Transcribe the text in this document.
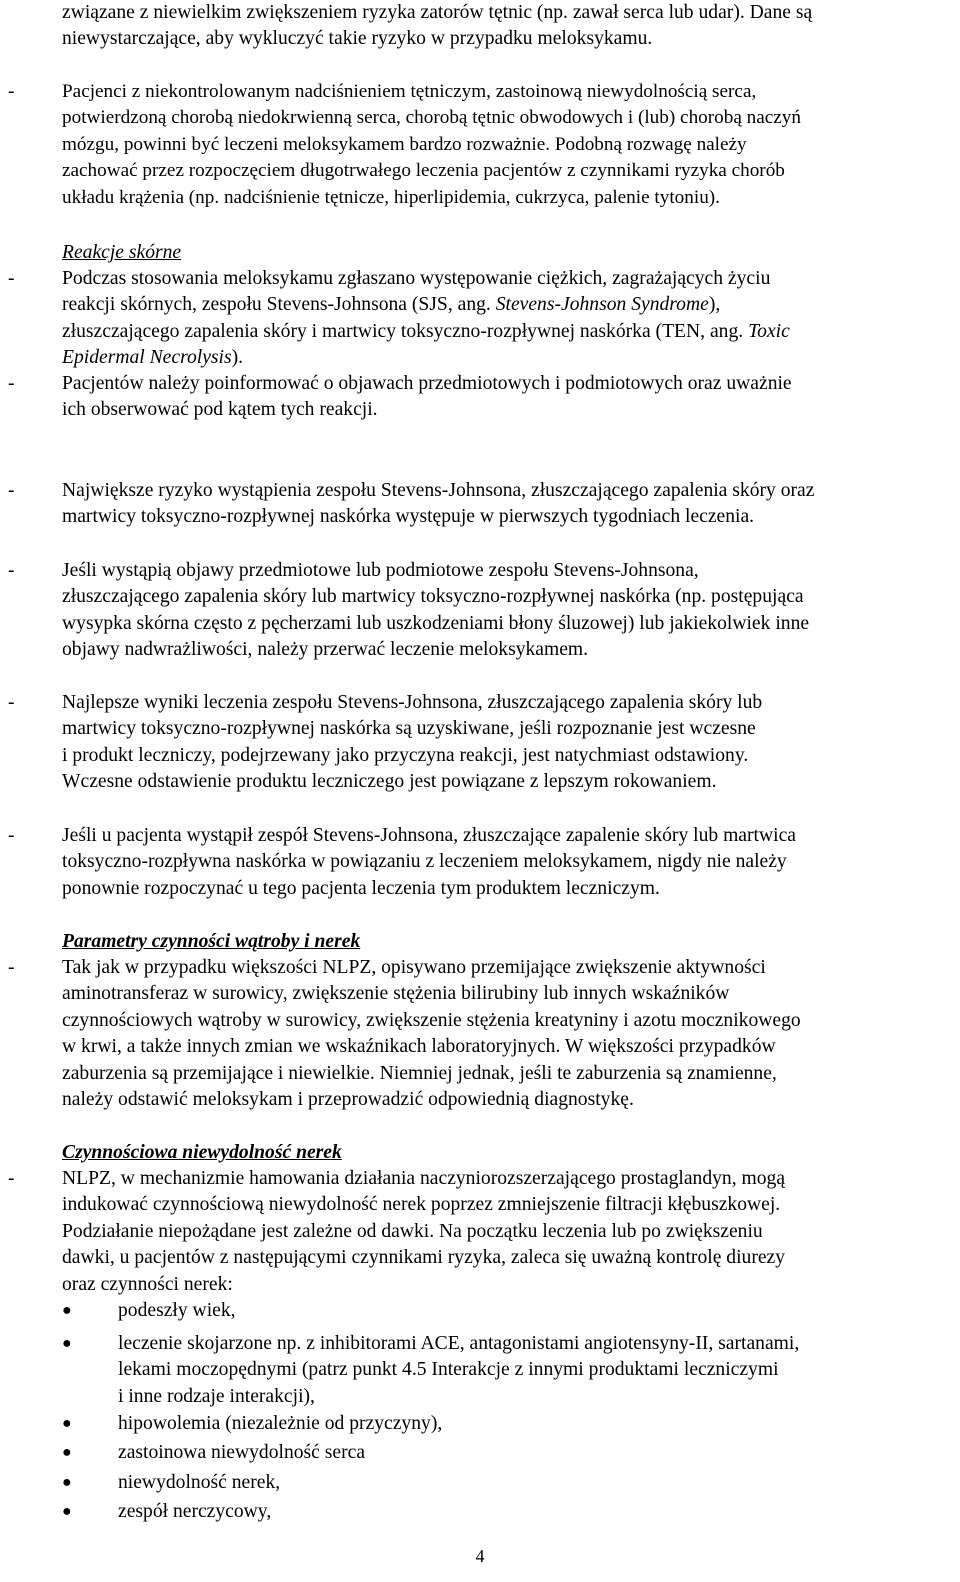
związane z niewielkim zwiększeniem ryzyka zatorów tętnic (np. zawał serca lub udar). Dane są
niewystarczające, aby wykluczyć takie ryzyko w przypadku meloksykamu.
- Pacjenci z niekontrolowanym nadciśnieniem tętniczym, zastoinową niewydolnością serca,
potwierdzoną chorobą niedokrwienną serca, chorobą tętnic obwodowych i (lub) chorobą naczyń
mózgu, powinni być leczeni meloksykamem bardzo rozważnie. Podobną rozwagę należy
zachować przez rozpoczęciem długotrwałego leczenia pacjentów z czynnikami ryzyka chorób
układu krążenia (np. nadciśnienie tętnicze, hiperlipidemia, cukrzyca, palenie tytoniu).
Reakcje skórne
- Podczas stosowania meloksykamu zgłaszano występowanie ciężkich, zagrażających życiu
reakcji skórnych, zespołu Stevens-Johnsona (SJS, ang. Stevens-Johnson Syndrome),
złuszczającego zapalenia skóry i martwicy toksyczno-rozpływnej naskórka (TEN, ang. Toxic
Epidermal Necrolysis).
- Pacjentów należy poinformować o objawach przedmiotowych i podmiotowych oraz uważnie
ich obserwować pod kątem tych reakcji.
- Największe ryzyko wystąpienia zespołu Stevens-Johnsona, złuszczającego zapalenia skóry oraz
martwicy toksyczno-rozpływnej naskórka występuje w pierwszych tygodniach leczenia.
- Jeśli wystąpią objawy przedmiotowe lub podmiotowe zespołu Stevens-Johnsona,
złuszczającego zapalenia skóry lub martwicy toksyczno-rozpływnej naskórka (np. postępująca
wysypka skórna często z pęcherzami lub uszkodzeniami błony śluzowej) lub jakiekolwiek inne
objawy nadwrażliwości, należy przerwać leczenie meloksykamem.
- Najlepsze wyniki leczenia zespołu Stevens-Johnsona, złuszczającego zapalenia skóry lub
martwicy toksyczno-rozpływnej naskórka są uzyskiwane, jeśli rozpoznanie jest wczesne
i produkt leczniczy, podejrzewany jako przyczyna reakcji, jest natychmiast odstawiony.
Wczesne odstawienie produktu leczniczego jest powiązane z lepszym rokowaniem.
- Jeśli u pacjenta wystąpił zespół Stevens-Johnsona, złuszczające zapalenie skóry lub martwica
toksyczno-rozpływna naskórka w powiązaniu z leczeniem meloksykamem, nigdy nie należy
ponownie rozpoczynać u tego pacjenta leczenia tym produktem leczniczym.
Parametry czynności wątroby i nerek
- Tak jak w przypadku większości NLPZ, opisywano przemijające zwiększenie aktywności
aminotransferaz w surowicy, zwiększenie stężenia bilirubiny lub innych wskaźników
czynnościowych wątroby w surowicy, zwiększenie stężenia kreatyniny i azotu mocznikowego
w krwi, a także innych zmian we wskaźnikach laboratoryjnych. W większości przypadków
zaburzenia są przemijające i niewielkie. Niemniej jednak, jeśli te zaburzenia są znamienne,
należy odstawić meloksykam i przeprowadzić odpowiednią diagnostykę.
Czynnościowa niewydolność nerek
- NLPZ, w mechanizmie hamowania działania naczyniorozszerzającego prostaglandyn, mogą
indukować czynnościową niewydolność nerek poprzez zmniejszenie filtracji kłębuszkowej.
Podziałanie niepożądane jest zależne od dawki. Na początku leczenia lub po zwiększeniu
dawki, u pacjentów z następującymi czynnikami ryzyka, zaleca się uważną kontrolę diurezy
oraz czynności nerek:
● podeszły wiek,
● leczenie skojarzone np. z inhibitorami ACE, antagonistami angiotensyny-II, sartanami,
lekami moczopędnymi (patrz punkt 4.5 Interakcje z innymi produktami leczniczymi
i inne rodzaje interakcji),
● hipowolemia (niezależnie od przyczyny),
● zastoinowa niewydolność serca
● niewydolność nerek,
● zespół nerczycowy,
4
